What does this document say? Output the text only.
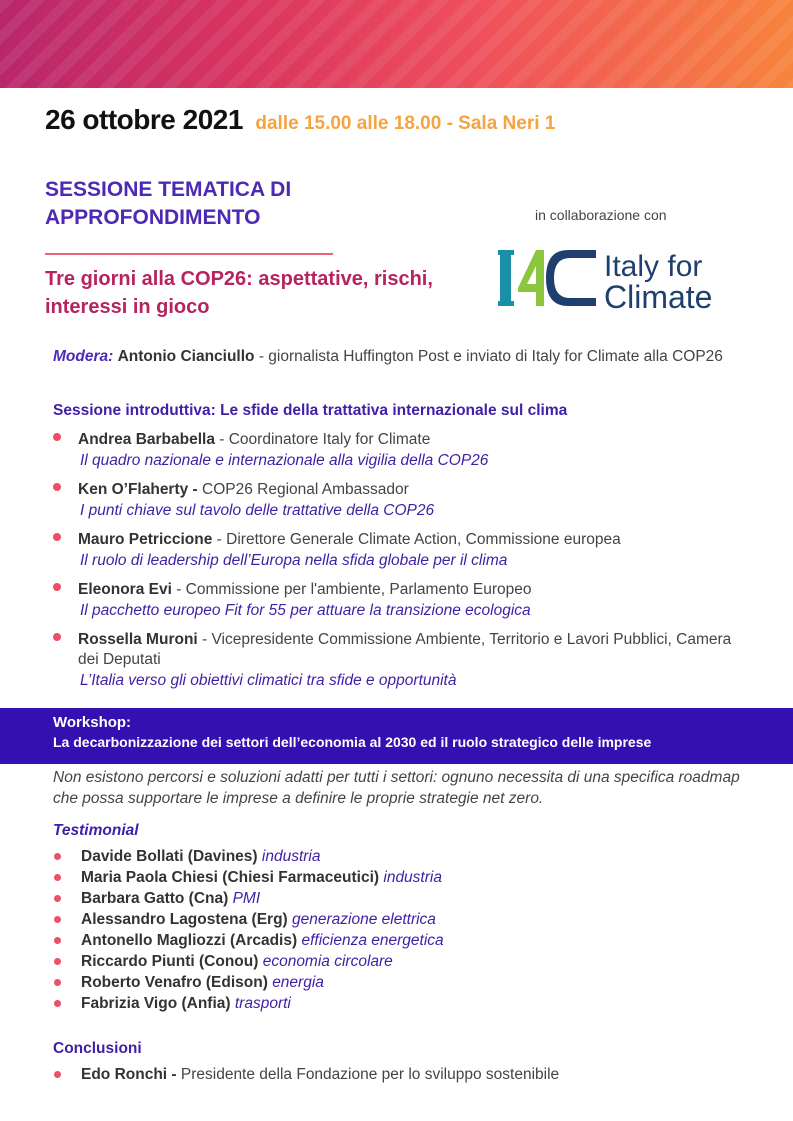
26 ottobre 2021 dalle 15.00 alle 18.00 - Sala Neri 1
SESSIONE TEMATICA DI APPROFONDIMENTO
Tre giorni alla COP26: aspettative, rischi, interessi in gioco
in collaborazione con
Italy for
Climate
Modera: Antonio Cianciullo - giornalista Huffington Post e inviato di Italy for Climate alla COP26
Sessione introduttiva: Le sfide della trattativa internazionale sul clima
Andrea Barbabella - Coordinatore Italy for Climate
Il quadro nazionale e internazionale alla vigilia della COP26
Ken O’Flaherty - COP26 Regional Ambassador
I punti chiave sul tavolo delle trattative della COP26
Mauro Petriccione - Direttore Generale Climate Action, Commissione europea
Il ruolo di leadership dell’Europa nella sfida globale per il clima
Eleonora Evi - Commissione per l'ambiente, Parlamento Europeo
Il pacchetto europeo Fit for 55 per attuare la transizione ecologica
Rossella Muroni - Vicepresidente Commissione Ambiente, Territorio e Lavori Pubblici, Camera dei Deputati
L’Italia verso gli obiettivi climatici tra sfide e opportunità
Workshop:
La decarbonizzazione dei settori dell’economia al 2030 ed il ruolo strategico delle imprese
Non esistono percorsi e soluzioni adatti per tutti i settori: ognuno necessita di una specifica roadmap che possa supportare le imprese a definire le proprie strategie net zero.
Testimonial
Davide Bollati (Davines) industria
Maria Paola Chiesi (Chiesi Farmaceutici) industria
Barbara Gatto (Cna) PMI
Alessandro Lagostena (Erg) generazione elettrica
Antonello Magliozzi (Arcadis) efficienza energetica
Riccardo Piunti (Conou) economia circolare
Roberto Venafro (Edison) energia
Fabrizia Vigo (Anfia) trasporti
Conclusioni
Edo Ronchi - Presidente della Fondazione per lo sviluppo sostenibile
